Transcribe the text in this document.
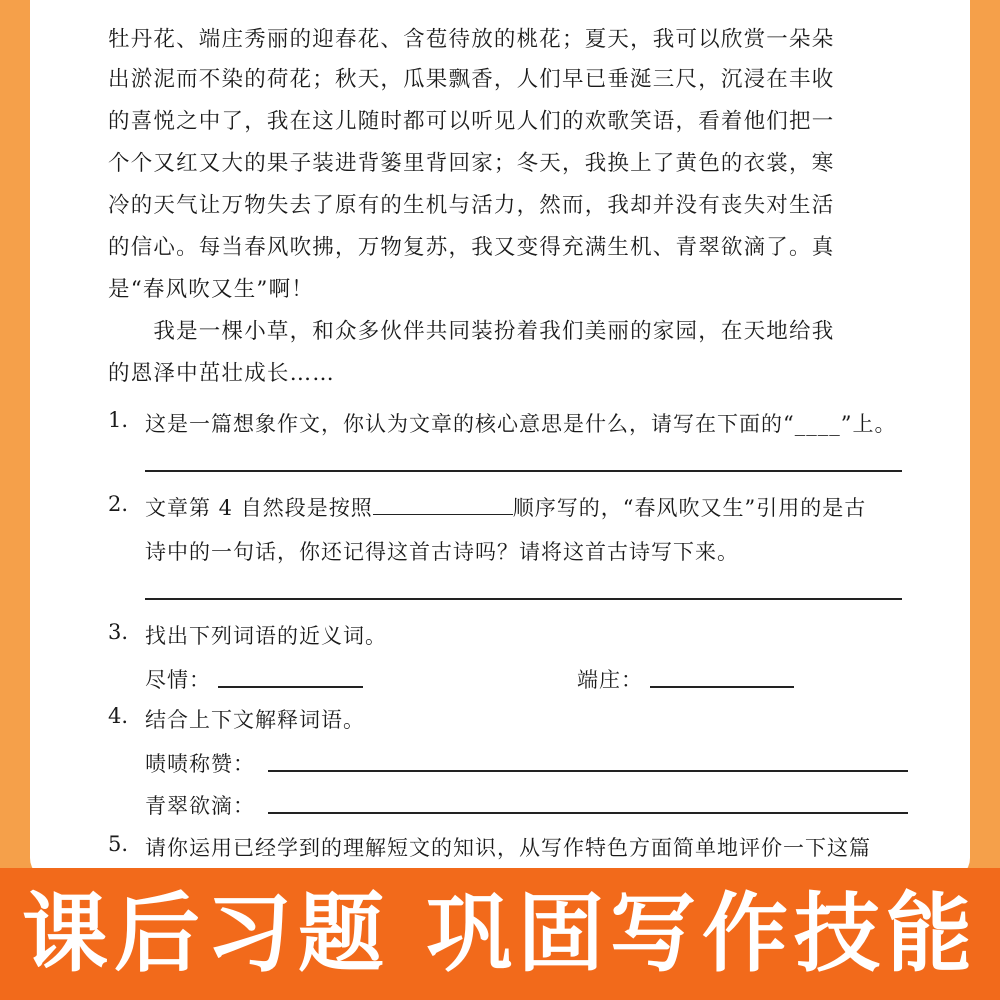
牡丹花、端庄秀丽的迎春花、含苞待放的桃花；夏天，我可以欣赏一朵朵
出淤泥而不染的荷花；秋天，瓜果飘香，人们早已垂涎三尺，沉浸在丰收
的喜悦之中了，我在这儿随时都可以听见人们的欢歌笑语，看着他们把一
个个又红又大的果子装进背篓里背回家；冬天，我换上了黄色的衣裳，寒
冷的天气让万物失去了原有的生机与活力，然而，我却并没有丧失对生活
的信心。每当春风吹拂，万物复苏，我又变得充满生机、青翠欲滴了。真
是“春风吹又生”啊！
　　我是一棵小草，和众多伙伴共同装扮着我们美丽的家园，在天地给我
的恩泽中茁壮成长……
1. 这是一篇想象作文，你认为文章的核心意思是什么，请写在下面的“____”上。
2. 文章第 4 自然段是按照	顺序写的，“春风吹又生”引用的是古
诗中的一句话，你还记得这首古诗吗？请将这首古诗写下来。
3. 找出下列词语的近义词。
尽情：	端庄：
4. 结合上下文解释词语。
啧啧称赞：
青翠欲滴：
5. 请你运用已经学到的理解短文的知识，从写作特色方面简单地评价一下这篇
课后习题 巩固写作技能
